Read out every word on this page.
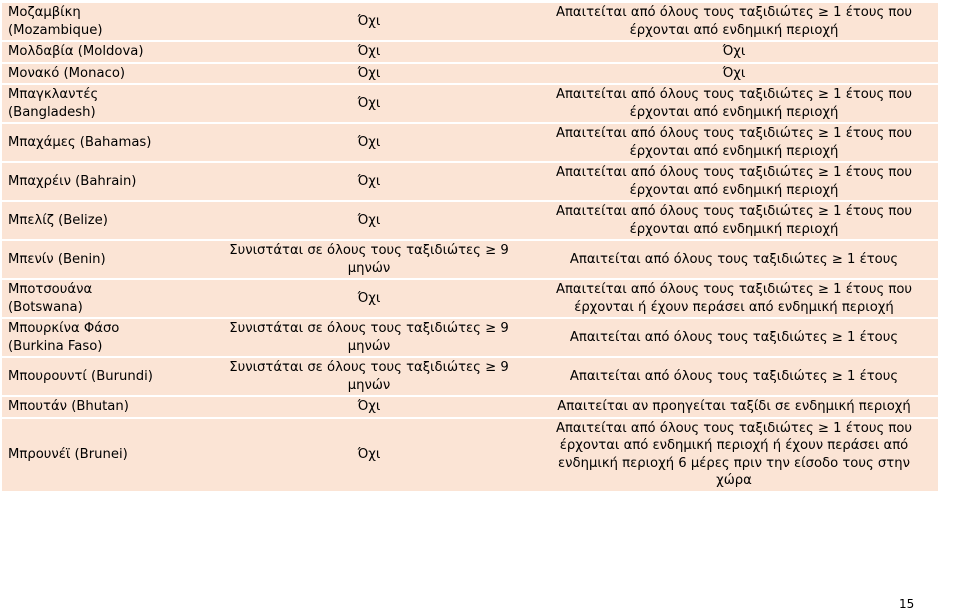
Μοζαμβίκη
(Mozambique)	Όχι	Απαιτείται από όλους τους ταξιδιώτες ≥ 1 έτους που
έρχονται από ενδημική περιοχή

Μολδαβία (Moldova)	Όχι	Όχι

Μονακό (Monaco)	Όχι	Όχι

Μπαγκλαντές
(Bangladesh)	Όχι	Απαιτείται από όλους τους ταξιδιώτες ≥ 1 έτους που
έρχονται από ενδημική περιοχή

Μπαχάμες (Bahamas)	Όχι	Απαιτείται από όλους τους ταξιδιώτες ≥ 1 έτους που
έρχονται από ενδημική περιοχή

Μπαχρέιν (Bahrain)	Όχι	Απαιτείται από όλους τους ταξιδιώτες ≥ 1 έτους που
έρχονται από ενδημική περιοχή

Μπελίζ (Belize)	Όχι	Απαιτείται από όλους τους ταξιδιώτες ≥ 1 έτους που
έρχονται από ενδημική περιοχή

Μπενίν (Benin)	Συνιστάται σε όλους τους ταξιδιώτες ≥ 9 μηνών	Απαιτείται από όλους τους ταξιδιώτες ≥ 1 έτους

Μποτσουάνα
(Botswana)	Όχι	Απαιτείται από όλους τους ταξιδιώτες ≥ 1 έτους που
έρχονται ή έχουν περάσει από ενδημική περιοχή

Μπουρκίνα Φάσο
(Burkina Faso)	Συνιστάται σε όλους τους ταξιδιώτες ≥ 9 μηνών	Απαιτείται από όλους τους ταξιδιώτες ≥ 1 έτους

Μπουρουντί (Burundi)	Συνιστάται σε όλους τους ταξιδιώτες ≥ 9 μηνών	Απαιτείται από όλους τους ταξιδιώτες ≥ 1 έτους

Μπουτάν (Bhutan)	Όχι	Απαιτείται αν προηγείται ταξίδι σε ενδημική περιοχή

Μπρουνέϊ (Brunei)	Όχι	Απαιτείται από όλους τους ταξιδιώτες ≥ 1 έτους που
έρχονται από ενδημική περιοχή ή έχουν περάσει από
ενδημική περιοχή 6 μέρες πριν την είσοδο τους στην
χώρα
15
